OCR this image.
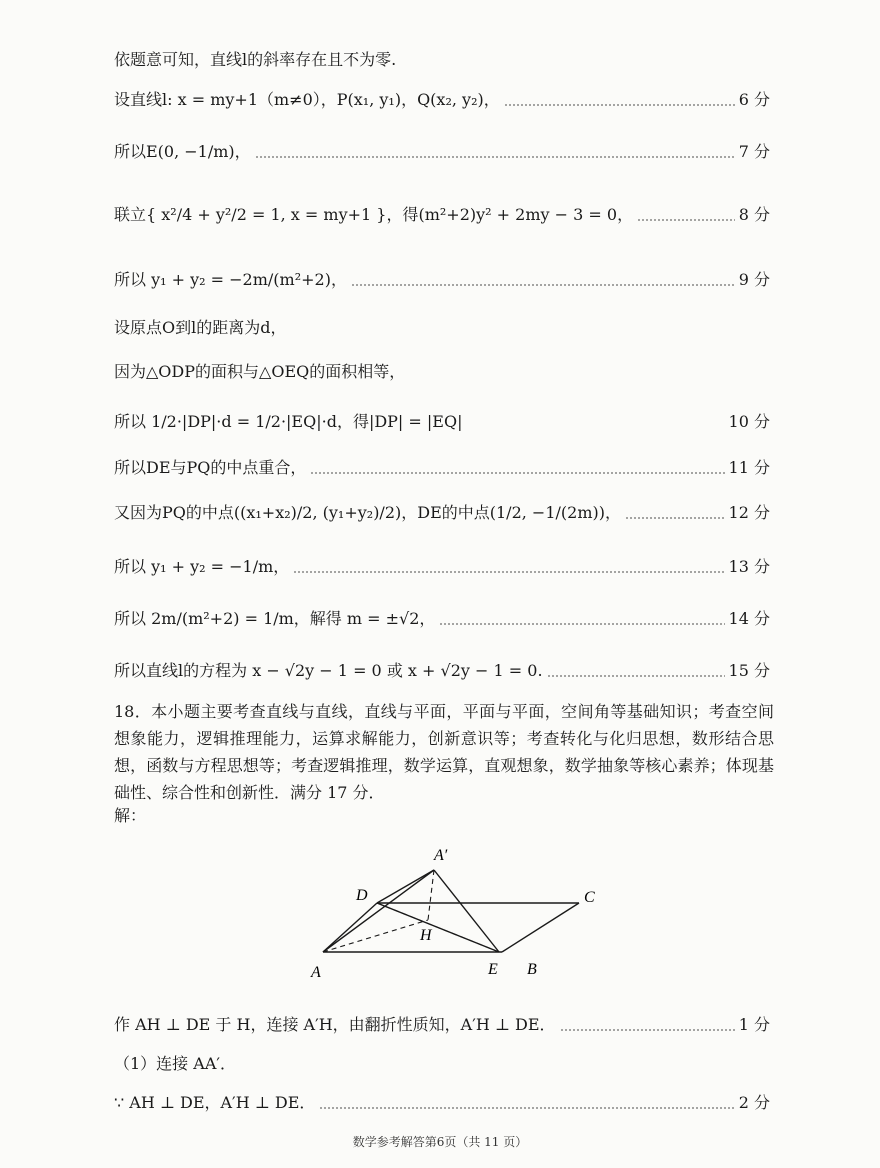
依题意可知，直线l的斜率存在且不为零.
设直线l: x = my+1（m≠0），P(x₁, y₁)，Q(x₂, y₂)，	6 分
所以E(0, −1/m)，	7 分
联立{ x²/4 + y²/2 = 1, x = my+1 }，得(m²+2)y² + 2my − 3 = 0，	8 分
所以 y₁ + y₂ = −2m/(m²+2)，	9 分
设原点O到l的距离为d，
因为△ODP的面积与△OEQ的面积相等，
所以 1/2·|DP|·d = 1/2·|EQ|·d，得|DP| = |EQ|	10 分
所以DE与PQ的中点重合，	11 分
又因为PQ的中点((x₁+x₂)/2, (y₁+y₂)/2)，DE的中点(1/2, −1/(2m))，	12 分
所以 y₁ + y₂ = −1/m，	13 分
所以 2m/(m²+2) = 1/m，解得 m = ±√2，	14 分
所以直线l的方程为 x − √2y − 1 = 0 或 x + √2y − 1 = 0.	15 分
18．本小题主要考查直线与直线，直线与平面，平面与平面，空间角等基础知识；考查空间想象能力，逻辑推理能力，运算求解能力，创新意识等；考查转化与化归思想，数形结合思想，函数与方程思想等；考查逻辑推理，数学运算，直观想象，数学抽象等核心素养；体现基础性、综合性和创新性．满分 17 分．
解：
A′
D	C
H
A	E B
作 AH ⊥ DE 于 H，连接 A′H，由翻折性质知，A′H ⊥ DE．	1 分
（1）连接 AA′．
∵ AH ⊥ DE，A′H ⊥ DE．	2 分
数学参考解答第6页（共 11 页）
